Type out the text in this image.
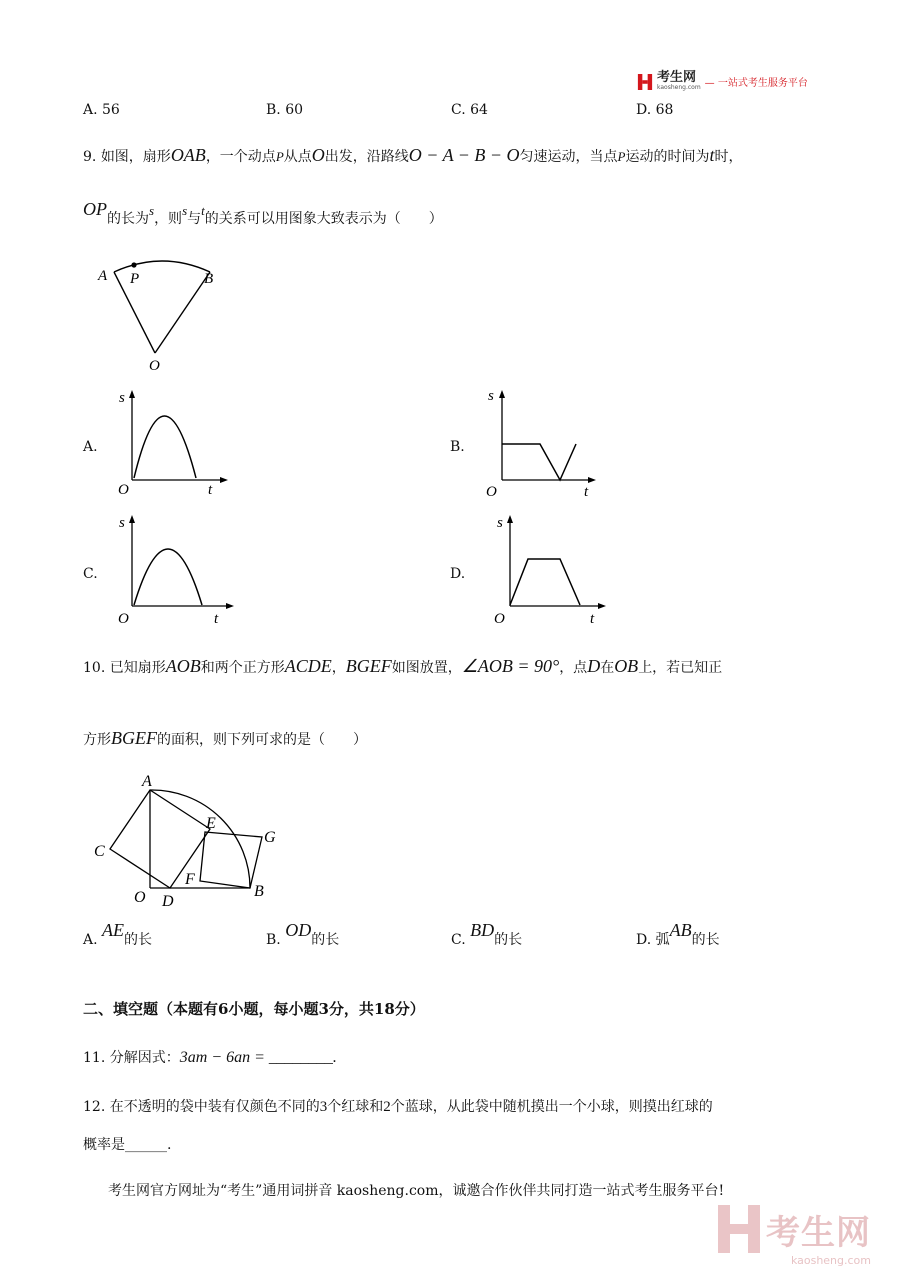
考生网
kaosheng.com — 一站式考生服务平台
A. 56	B. 60	C. 64	D. 68
9. 如图，扇形OAB，一个动点P从点O出发，沿路线O − A − B − O匀速运动，当点P运动的时间为t时，
OP的长为s，则s与t的关系可以用图象大致表示为（　　）
A P	B
O
A.
s
t
O
B.
s
t
O
C.
s
t
O
D.
s
t
O
10. 已知扇形AOB和两个正方形ACDE，BGEF如图放置，∠AOB = 90°，点D在OB上，若已知正
方形BGEF的面积，则下列可求的是（　　）
A
C
E
G
F
O D
B
A. AE的长	B. OD的长	C. BD的长	D. 弧AB的长
二、填空题（本题有6小题，每小题3分，共18分）
11. 分解因式：3am − 6an = ________.
12. 在不透明的袋中装有仅颜色不同的3个红球和2个蓝球，从此袋中随机摸出一个小球，则摸出红球的
概率是______.
考生网官方网址为“考生”通用词拼音 kaosheng.com，诚邀合作伙伴共同打造一站式考生服务平台!
考生网
kaosheng.com
